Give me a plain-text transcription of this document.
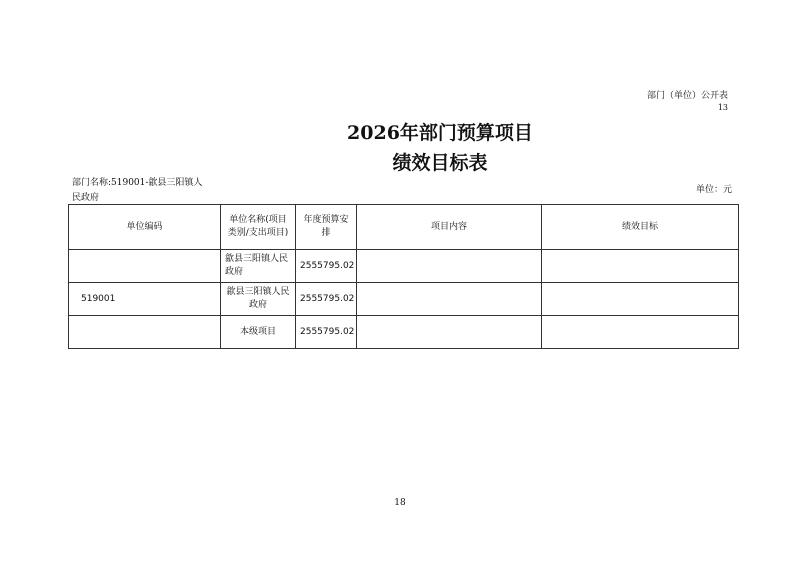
部门（单位）公开表
13
2026年部门预算项目
绩效目标表
部门名称:519001-歙县三阳镇人
民政府
单位：元
单位编码	单位名称(项目类别/支出项目)	年度预算安排	项目内容	绩效目标
	歙县三阳镇人民政府	2555795.02		
519001	歙县三阳镇人民政府	2555795.02		
	本级项目	2555795.02		
18
